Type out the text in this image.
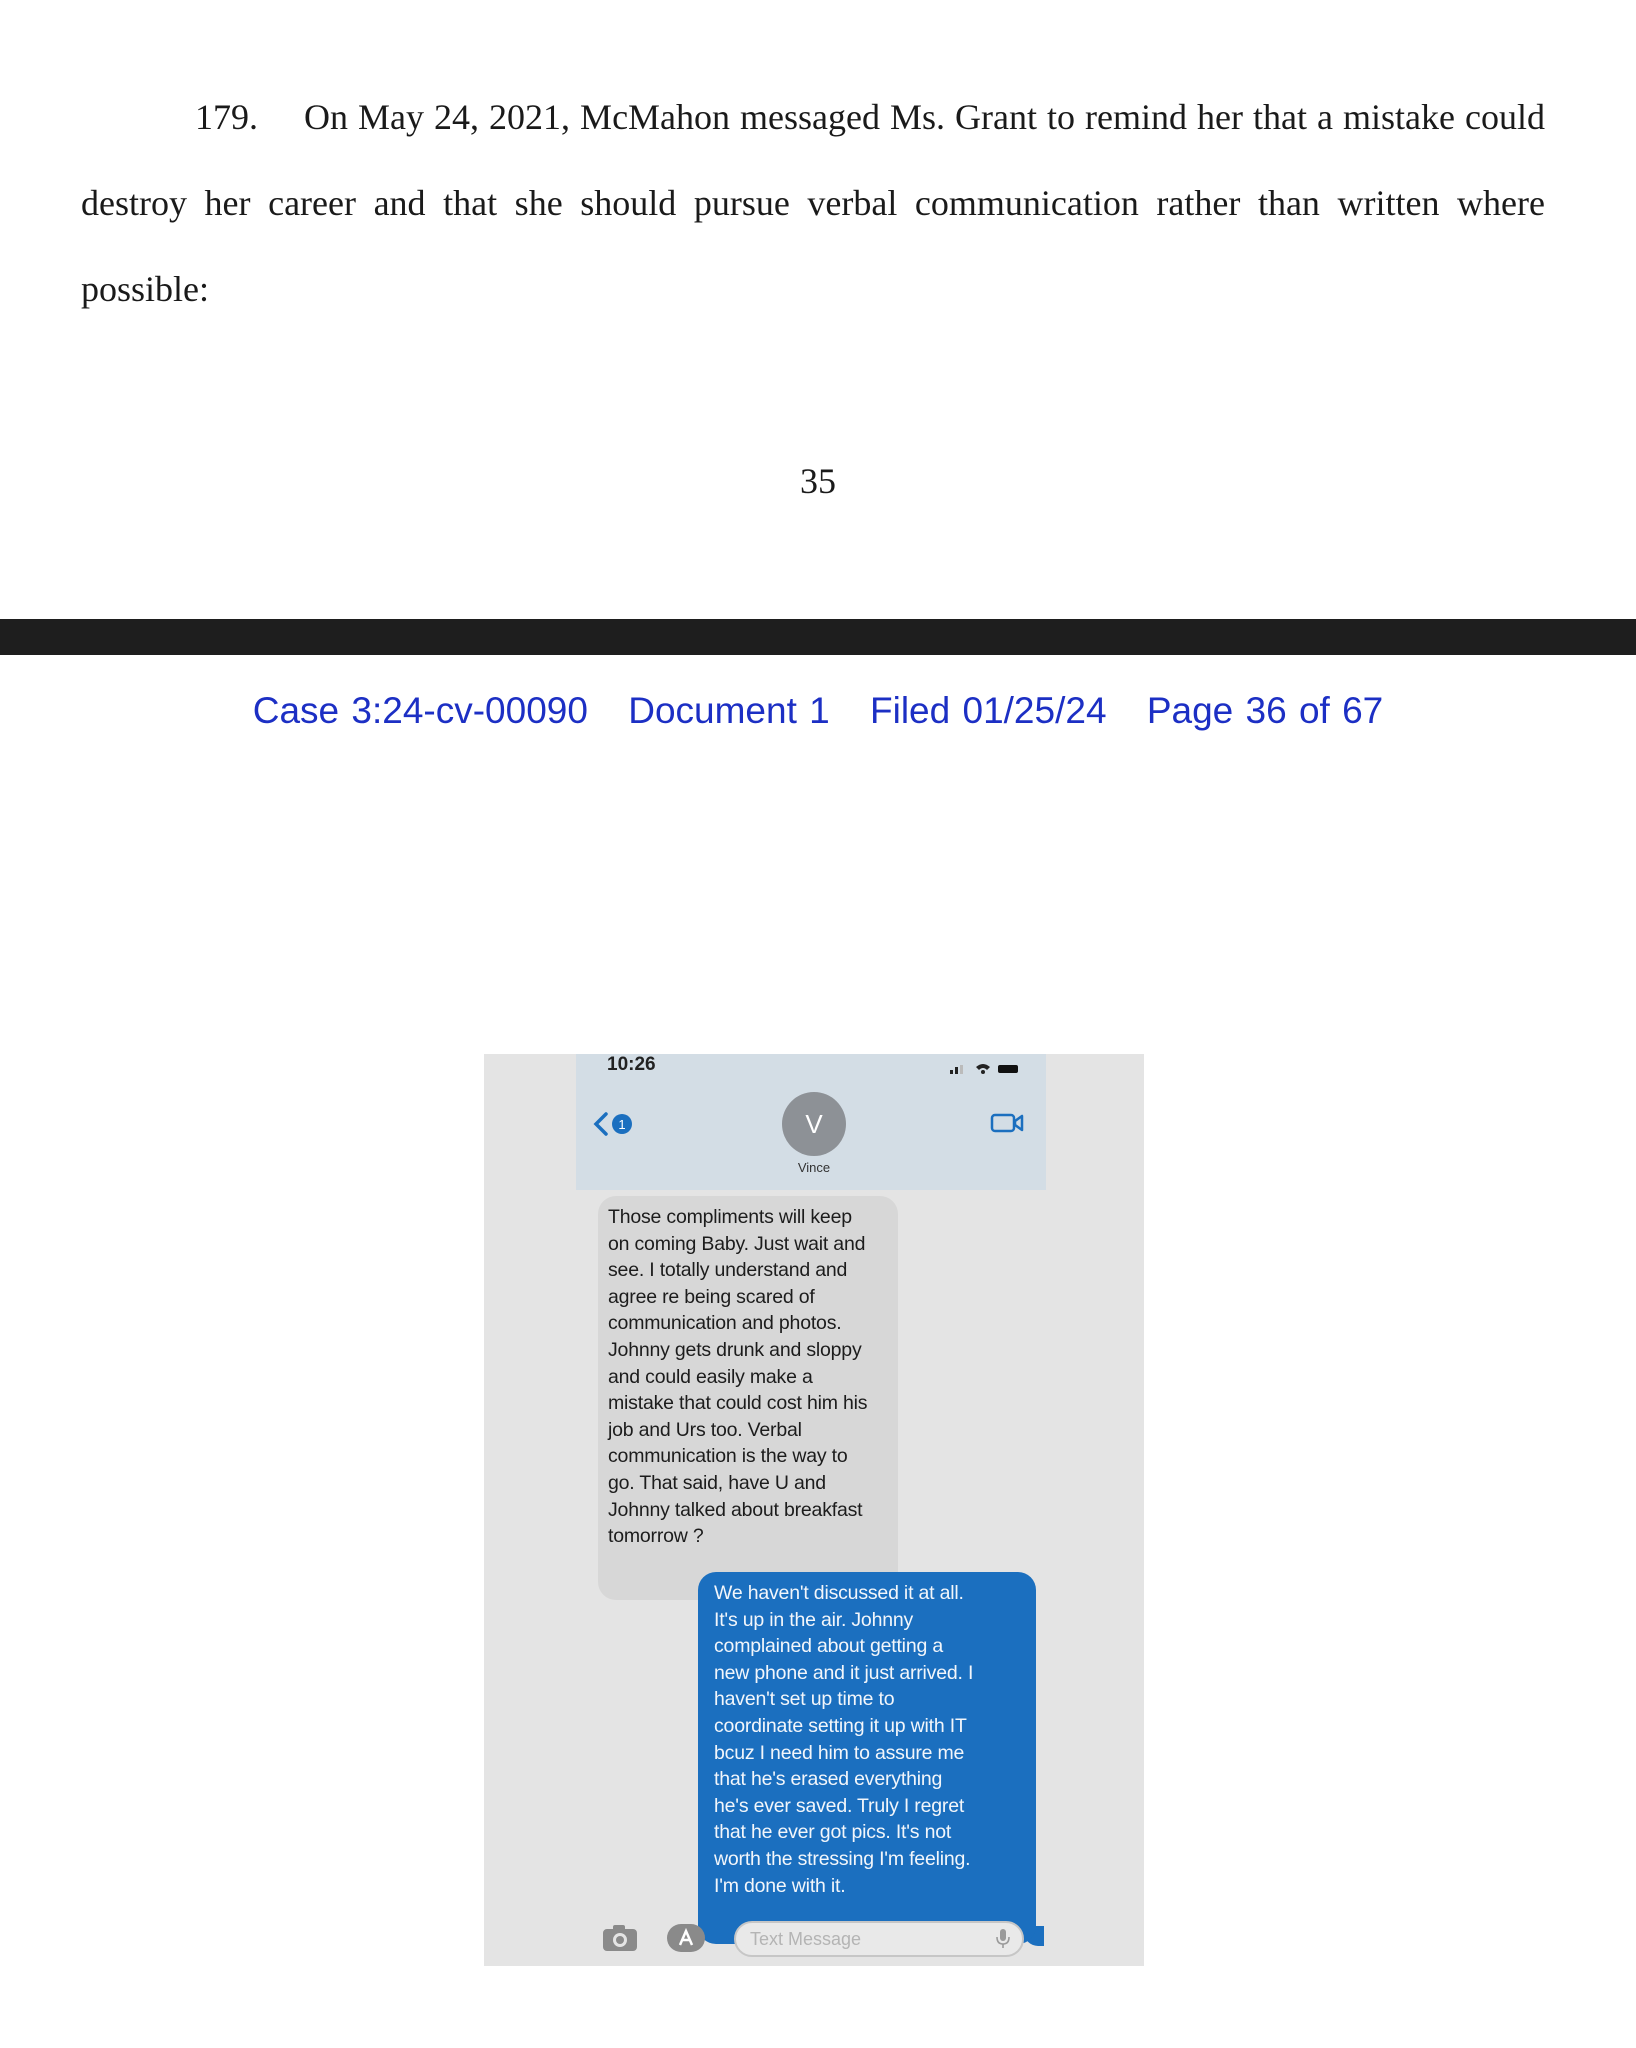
179. On May 24, 2021, McMahon messaged Ms. Grant to remind her that a mistake could destroy her career and that she should pursue verbal communication rather than written where possible:
35
Case 3:24-cv-00090 Document 1 Filed 01/25/24 Page 36 of 67
10:26
1	V
Vince
Those compliments will keep
on coming Baby. Just wait and
see. I totally understand and
agree re being scared of
communication and photos.
Johnny gets drunk and sloppy
and could easily make a
mistake that could cost him his
job and Urs too. Verbal
communication is the way to
go. That said, have U and
Johnny talked about breakfast
tomorrow ?
We haven't discussed it at all.
It's up in the air. Johnny
complained about getting a
new phone and it just arrived. I
haven't set up time to
coordinate setting it up with IT
bcuz I need him to assure me
that he's erased everything
he's ever saved. Truly I regret
that he ever got pics. It's not
worth the stressing I'm feeling.
I'm done with it.
Text Message
